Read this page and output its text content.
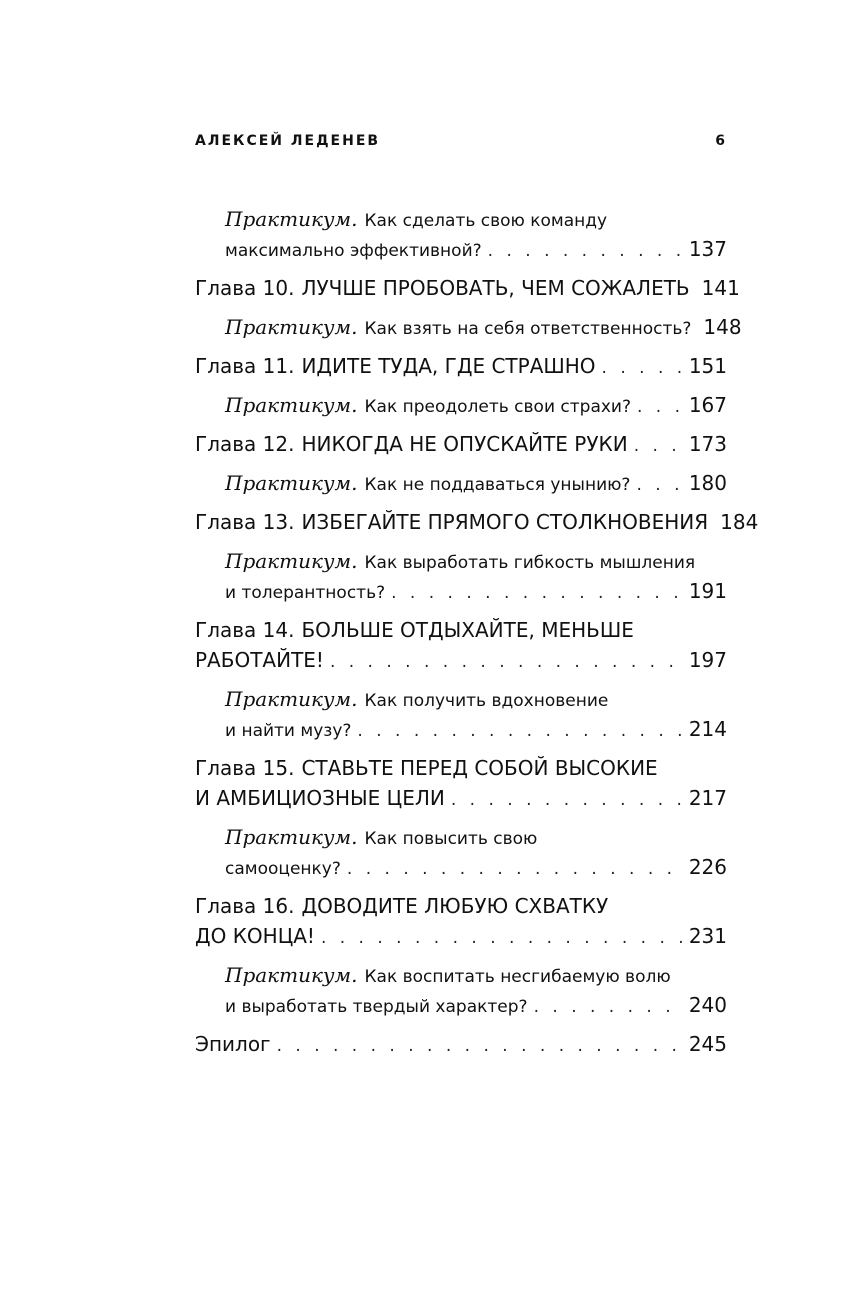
АЛЕКСЕЙ ЛЕДЕНЕВ	6
Практикум. Как сделать свою команду
максимально эффективной? . . .	137
Глава 10. ЛУЧШЕ ПРОБОВАТЬ, ЧЕМ СОЖАЛЕТЬ 141
Практикум. Как взять на себя ответственность? 148
Глава 11. ИДИТЕ ТУДА, ГДЕ СТРАШНО . . .	151
Практикум. Как преодолеть свои страхи? . . .	167
Глава 12. НИКОГДА НЕ ОПУСКАЙТЕ РУКИ . . .	173
Практикум. Как не поддаваться унынию? . . .	180
Глава 13. ИЗБЕГАЙТЕ ПРЯМОГО СТОЛКНОВЕНИЯ 184
Практикум. Как выработать гибкость мышления
и толерантность? . . .	191
Глава 14. БОЛЬШЕ ОТДЫХАЙТЕ, МЕНЬШЕ
РАБОТАЙТЕ! . . .	197
Практикум. Как получить вдохновение
и найти музу? . . .	214
Глава 15. СТАВЬТЕ ПЕРЕД СОБОЙ ВЫСОКИЕ
И АМБИЦИОЗНЫЕ ЦЕЛИ . . .	217
Практикум. Как повысить свою
самооценку? . . .	226
Глава 16. ДОВОДИТЕ ЛЮБУЮ СХВАТКУ
ДО КОНЦА! . . .	231
Практикум. Как воспитать несгибаемую волю
и выработать твердый характер? . . .	240
Эпилог . . .	245
